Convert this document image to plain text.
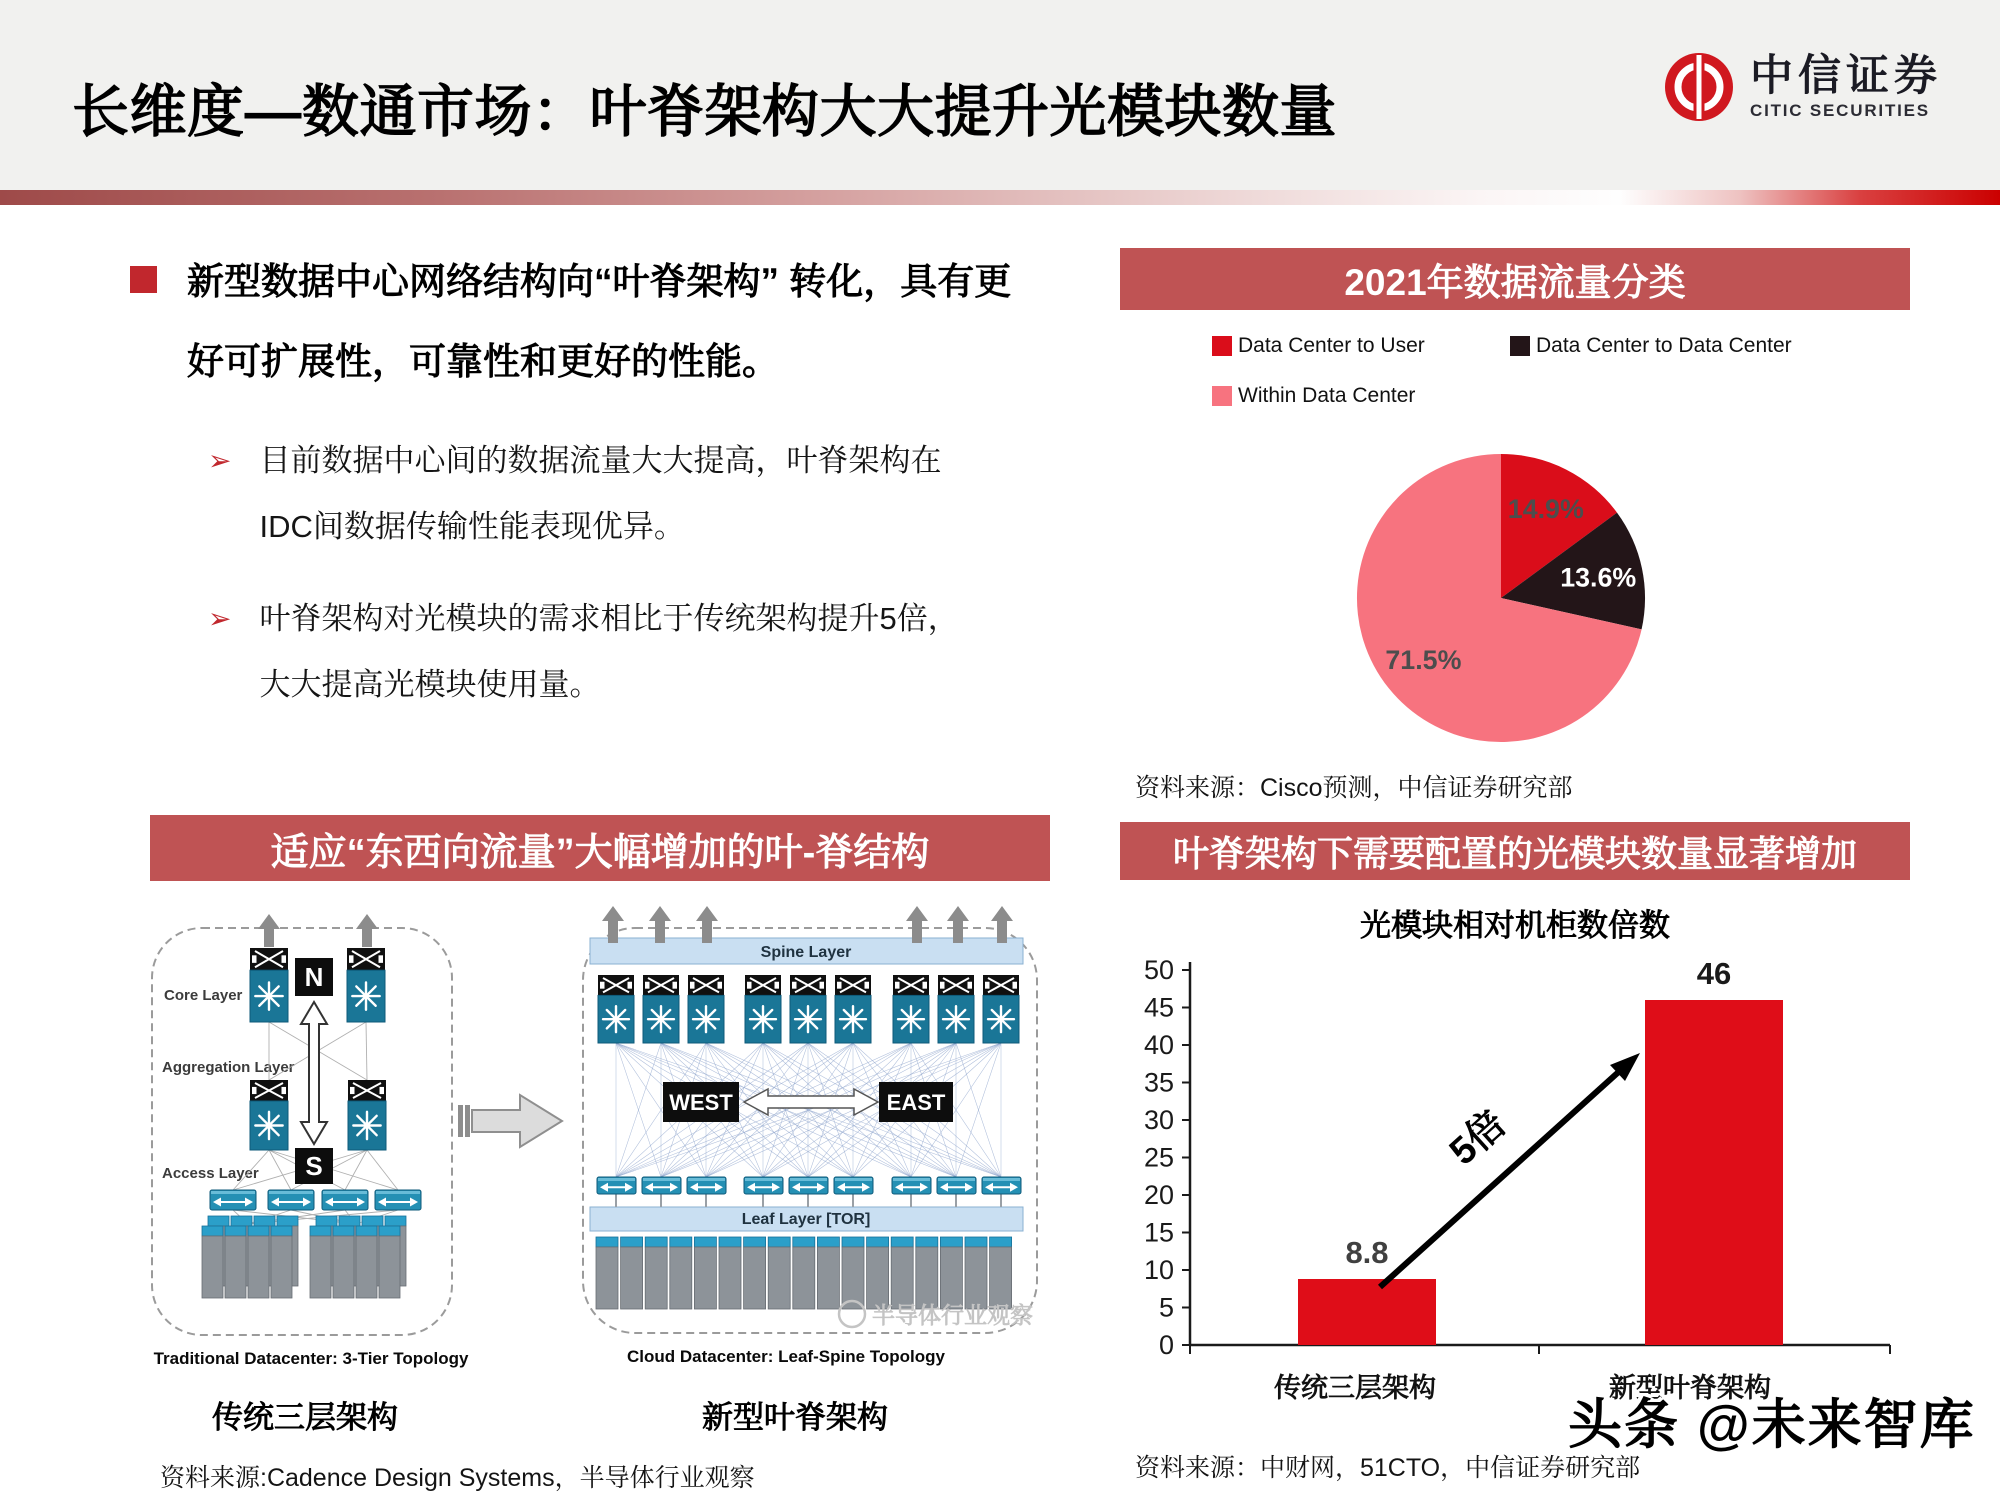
长维度—数通市场：叶脊架构大大提升光模块数量
中信证券
CITIC SECURITIES
新型数据中心网络结构向“叶脊架构” 转化，具有更好可扩展性，可靠性和更好的性能。
➢ 目前数据中心间的数据流量大大提高，叶脊架构在IDC间数据传输性能表现优异。
➢ 叶脊架构对光模块的需求相比于传统架构提升5倍，大大提高光模块使用量。
2021年数据流量分类
Data Center to User	Data Center to Data Center
Within Data Center
14.9%
13.6%
71.5%
资料来源：Cisco预测，中信证券研究部
适应“东西向流量”大幅增加的叶-脊结构
Core Layer
Aggregation Layer
Access Layer
Traditional Datacenter: 3-Tier Topology
N
S
Spine Layer
Leaf Layer [TOR]
Cloud Datacenter: Leaf-Spine Topology
WEST	EAST
半导体行业观察
传统三层架构	新型叶脊架构
资料来源:Cadence Design Systems，半导体行业观察
叶脊架构下需要配置的光模块数量显著增加
光模块相对机柜数倍数
0
5
10
15
20
25
30
35
40
45
50
8.8
46
传统三层架构	新型叶脊架构
5倍
资料来源：中财网，51CTO，中信证券研究部
头条 @未来智库
